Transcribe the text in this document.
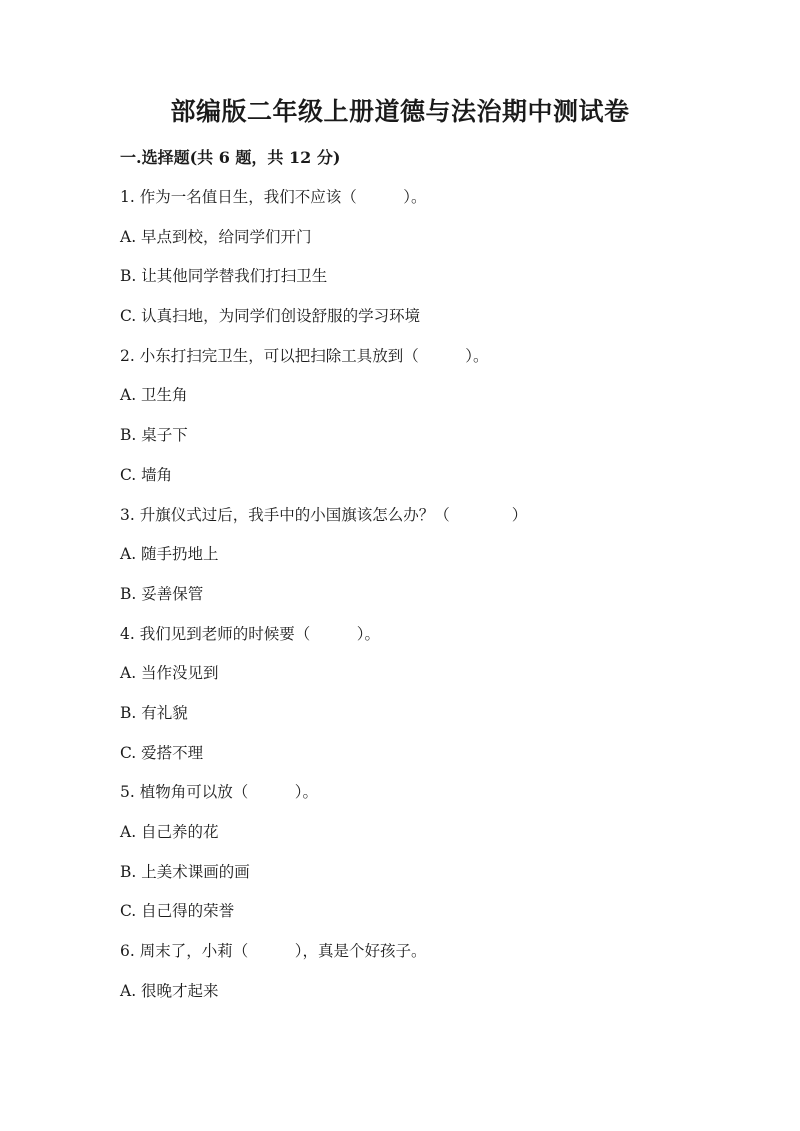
部编版二年级上册道德与法治期中测试卷
一.选择题(共 6 题，共 12 分)
1. 作为一名值日生，我们不应该（　　　）。
A. 早点到校，给同学们开门
B. 让其他同学替我们打扫卫生
C. 认真扫地，为同学们创设舒服的学习环境
2. 小东打扫完卫生，可以把扫除工具放到（　　　）。
A. 卫生角
B. 桌子下
C. 墙角
3. 升旗仪式过后，我手中的小国旗该怎么办？（　　　　）
A. 随手扔地上
B. 妥善保管
4. 我们见到老师的时候要（　　　）。
A. 当作没见到
B. 有礼貌
C. 爱搭不理
5. 植物角可以放（　　　）。
A. 自己养的花
B. 上美术课画的画
C. 自己得的荣誉
6. 周末了，小莉（　　　），真是个好孩子。
A. 很晚才起来
